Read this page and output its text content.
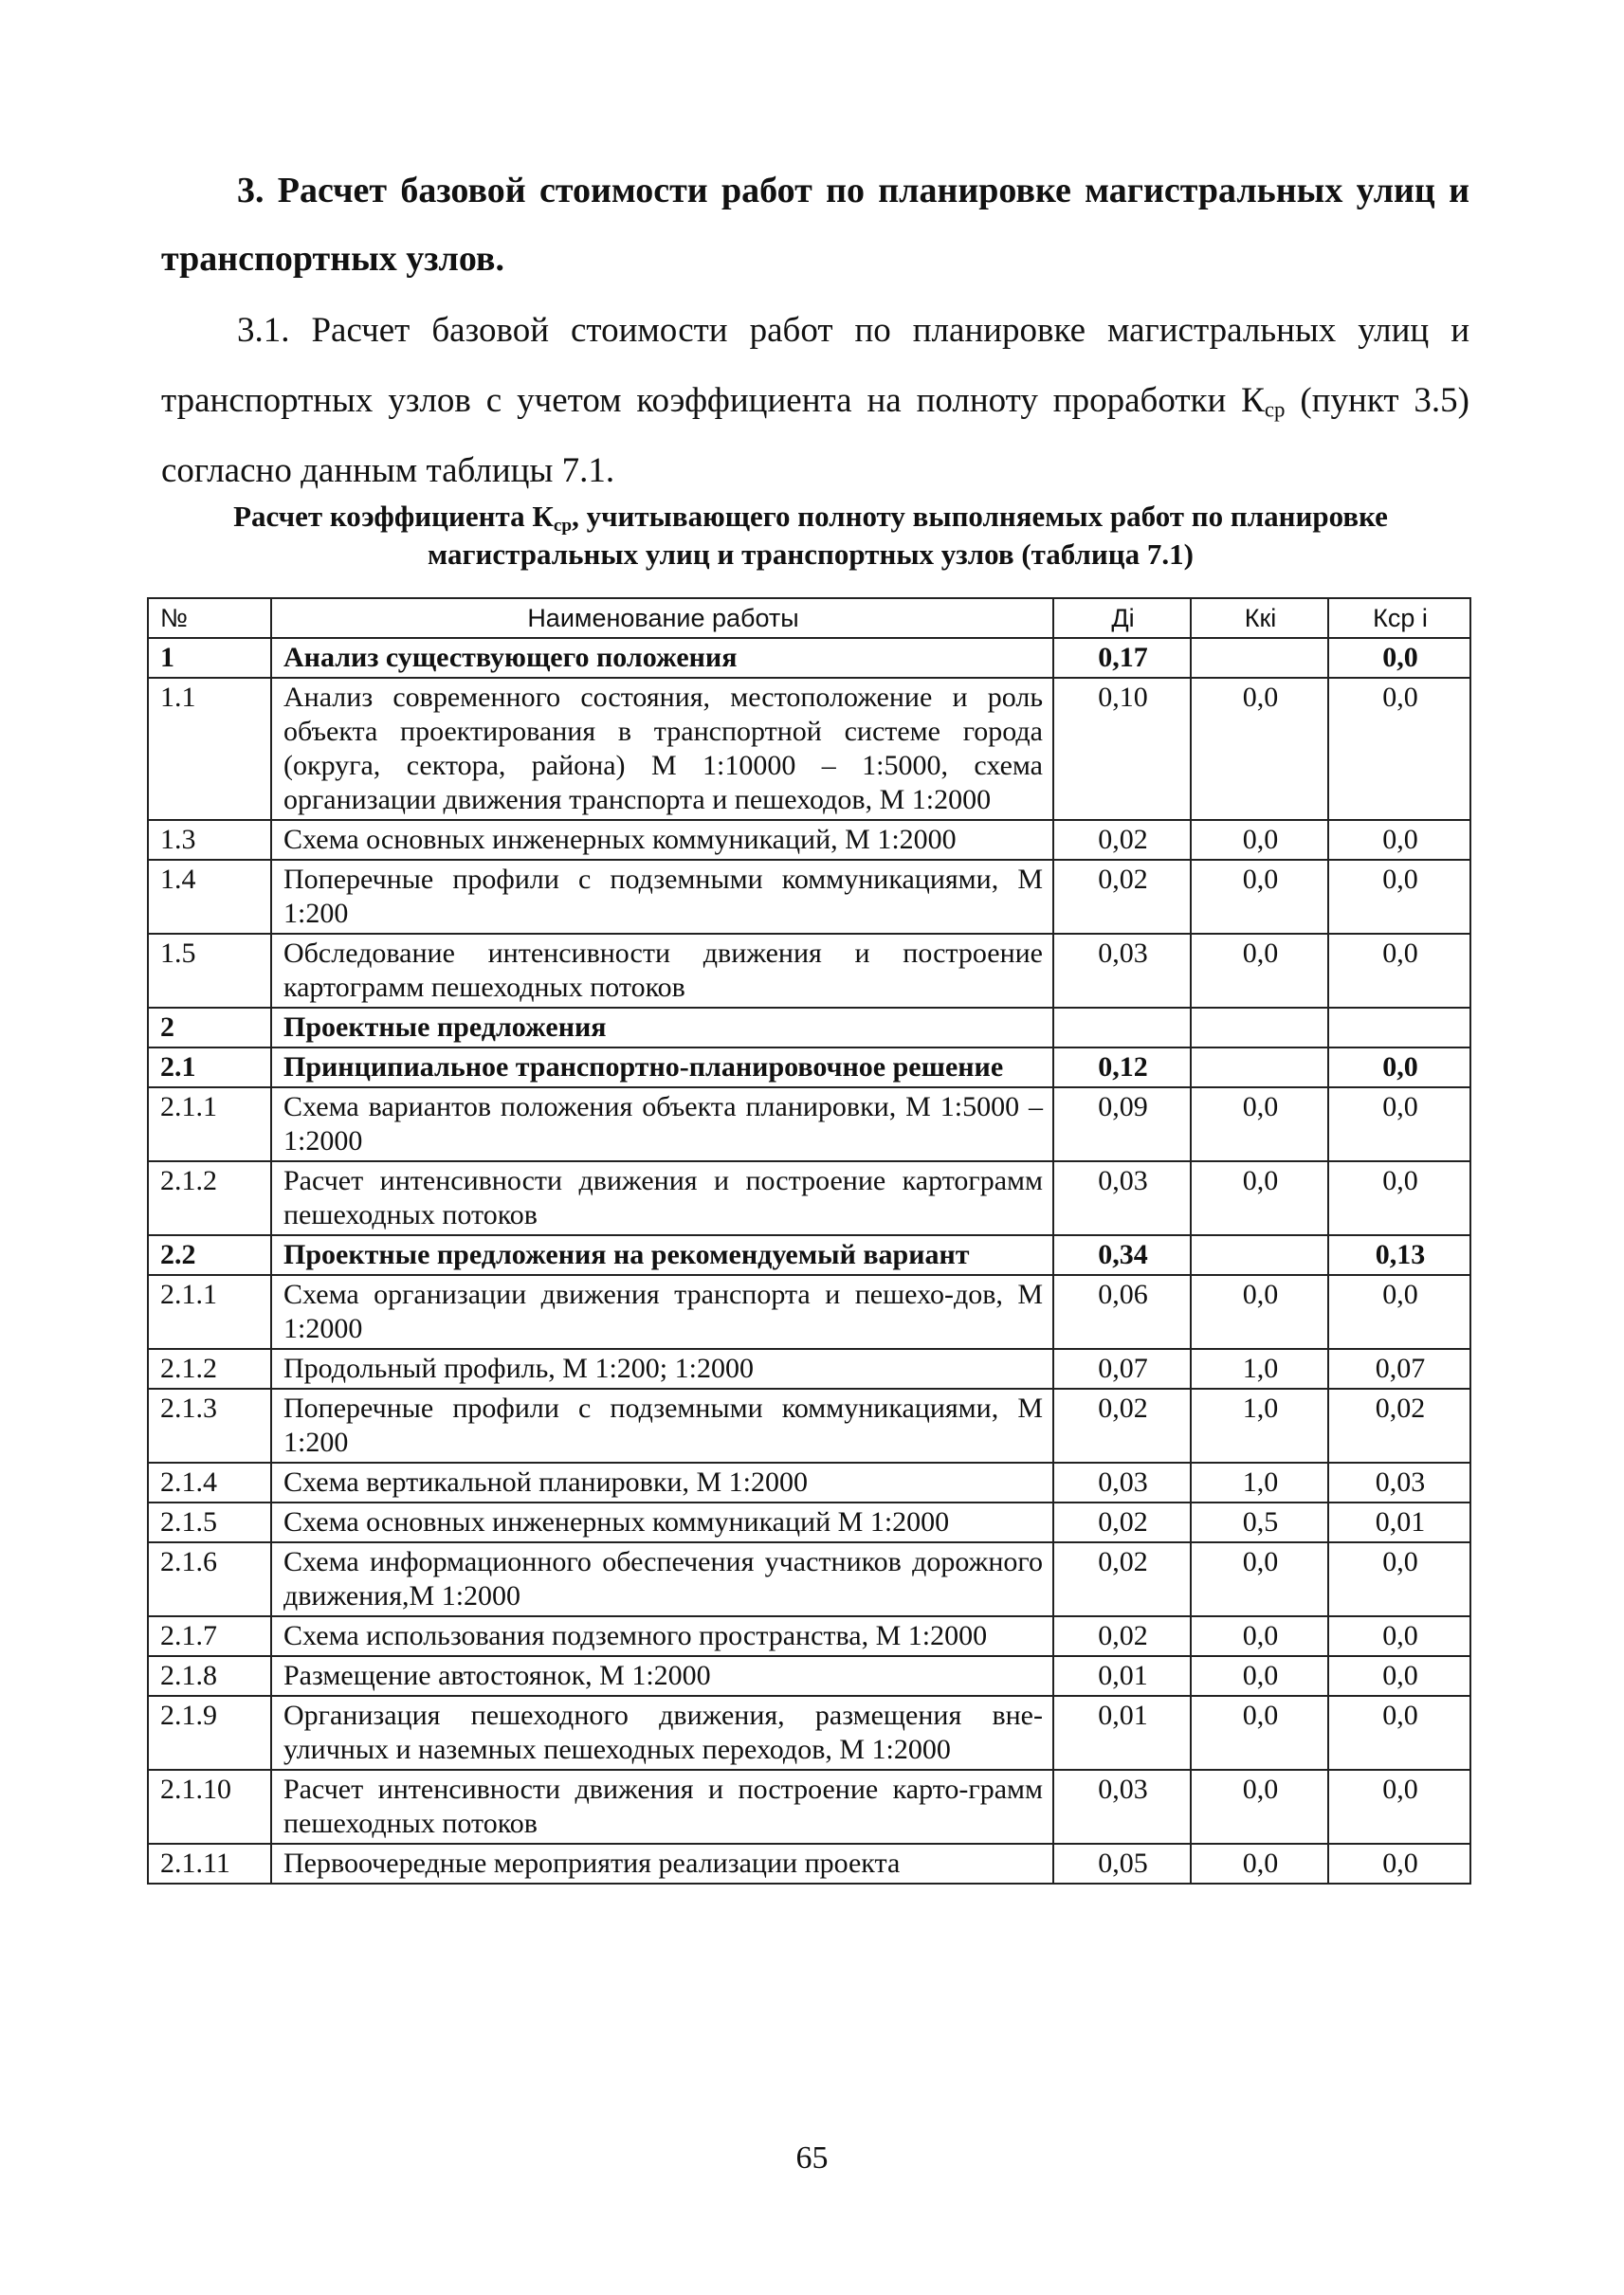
3. Расчет базовой стоимости работ по планировке магистральных улиц и транспортных узлов.
3.1. Расчет базовой стоимости работ по планировке магистральных улиц и транспортных узлов с учетом коэффициента на полноту проработки $К_{ср}$ (пункт 3.5) согласно данным таблицы 7.1.
Расчет коэффициента $К_{ср}$, учитывающего полноту выполняемых работ по планировке магистральных улиц и транспортных узлов (таблица 7.1)
№	Наименование работы	Дi	Ккi	Кср i
1	Анализ существующего положения	0,17		0,0
1.1	Анализ современного состояния, местоположение и роль объекта проектирования в транспортной системе города (округа, сектора, района) М 1:10000 – 1:5000, схема организации движения транспорта и пешеходов, М 1:2000	0,10	0,0	0,0
1.3	Схема основных инженерных коммуникаций, М 1:2000	0,02	0,0	0,0
1.4	Поперечные профили с подземными коммуникациями, М 1:200	0,02	0,0	0,0
1.5	Обследование интенсивности движения и построение картограмм пешеходных потоков	0,03	0,0	0,0
2	Проектные предложения			
2.1	Принципиальное транспортно-планировочное решение	0,12		0,0
2.1.1	Схема вариантов положения объекта планировки, М 1:5000 – 1:2000	0,09	0,0	0,0
2.1.2	Расчет интенсивности движения и построение картограмм пешеходных потоков	0,03	0,0	0,0
2.2	Проектные предложения на рекомендуемый вариант	0,34		0,13
2.1.1	Схема организации движения транспорта и пешехо-дов, М 1:2000	0,06	0,0	0,0
2.1.2	Продольный профиль, М 1:200; 1:2000	0,07	1,0	0,07
2.1.3	Поперечные профили с подземными коммуникациями, М 1:200	0,02	1,0	0,02
2.1.4	Схема вертикальной планировки, М 1:2000	0,03	1,0	0,03
2.1.5	Схема основных инженерных коммуникаций М 1:2000	0,02	0,5	0,01
2.1.6	Схема информационного обеспечения участников дорожного движения,М 1:2000	0,02	0,0	0,0
2.1.7	Схема использования подземного пространства, М 1:2000	0,02	0,0	0,0
2.1.8	Размещение автостоянок, М 1:2000	0,01	0,0	0,0
2.1.9	Организация пешеходного движения, размещения вне-уличных и наземных пешеходных переходов, М 1:2000	0,01	0,0	0,0
2.1.10	Расчет интенсивности движения и построение карто-грамм пешеходных потоков	0,03	0,0	0,0
2.1.11	Первоочередные мероприятия реализации проекта	0,05	0,0	0,0
65
